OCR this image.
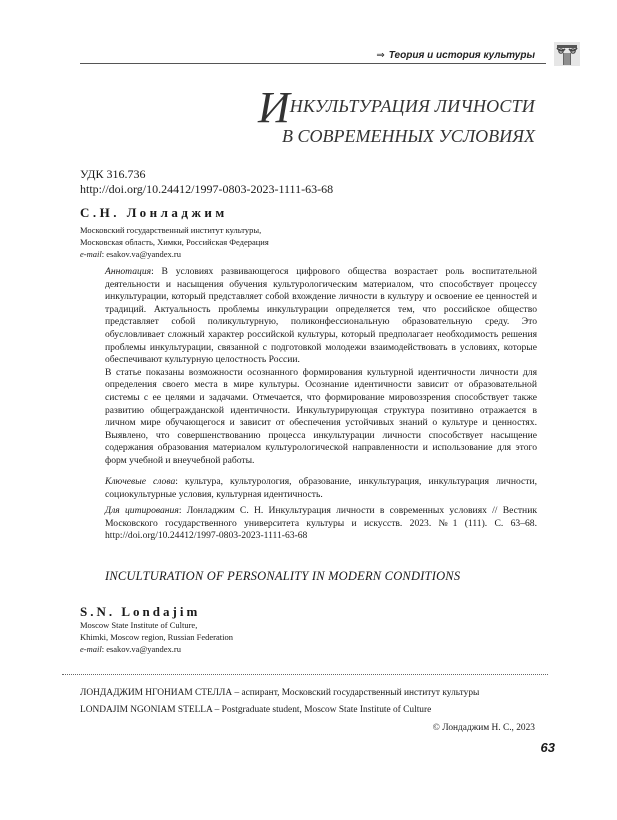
⇒ Теория и история культуры
ИНКУЛЬТУРАЦИЯ ЛИЧНОСТИ
В СОВРЕМЕННЫХ УСЛОВИЯХ
УДК 316.736
http://doi.org/10.24412/1997-0803-2023-1111-63-68
С.Н. Лонладжим
Московский государственный институт культуры,
Московская область, Химки, Российская Федерация
e-mail: esakov.va@yandex.ru

Аннотация: В условиях развивающегося цифрового общества возрастает роль воспитательной деятельности и насыщения обучения культурологическим материалом, что способствует процессу инкультурации, который представляет собой вхождение личности в культуру и освоение ее ценностей и традиций. Актуальность проблемы инкультурации определяется тем, что российское общество представляет собой поликультурную, поликонфессиональную образовательную среду. Это обусловливает сложный характер российской культуры, который предполагает необходимость решения проблемы инкультурации, связанной с подготовкой молодежи взаимодействовать в условиях, которые обеспечивают культурную целостность России.

В статье показаны возможности осознанного формирования культурной идентичности личности для определения своего места в мире культуры. Осознание идентичности зависит от образовательной системы с ее целями и задачами. Отмечается, что формирование мировоззрения способствует также развитию общегражданской идентичности. Инкультурирующая структура позитивно отражается в личном мире обучающегося и зависит от обеспечения устойчивых знаний о культуре и ценностях. Выявлено, что совершенствованию процесса инкультурации личности способствует насыщение содержания образования материалом культурологической направленности и использование для этого форм учебной и внеучебной работы.

Ключевые слова: культура, культурология, образование, инкультурация, инкультурация личности, социокультурные условия, культурная идентичность.

Для цитирования: Лонладжим С. Н. Инкультурация личности в современных условиях // Вестник Московского государственного университета культуры и искусств. 2023. №1 (111). С. 63–68. http://doi.org/10.24412/1997-0803-2023-1111-63-68

INCULTURATION OF PERSONALITY IN MODERN CONDITIONS
S.N. Londajim
Moscow State Institute of Culture,
Khimki, Moscow region, Russian Federation
e-mail: esakov.va@yandex.ru
ЛОНДАДЖИМ НГОНИАМ СТЕЛЛА – аспирант, Московский государственный институт культуры
LONDAJIM NGONIAM STELLA – Postgraduate student, Moscow State Institute of Culture
© Лондаджим Н. С., 2023
63
